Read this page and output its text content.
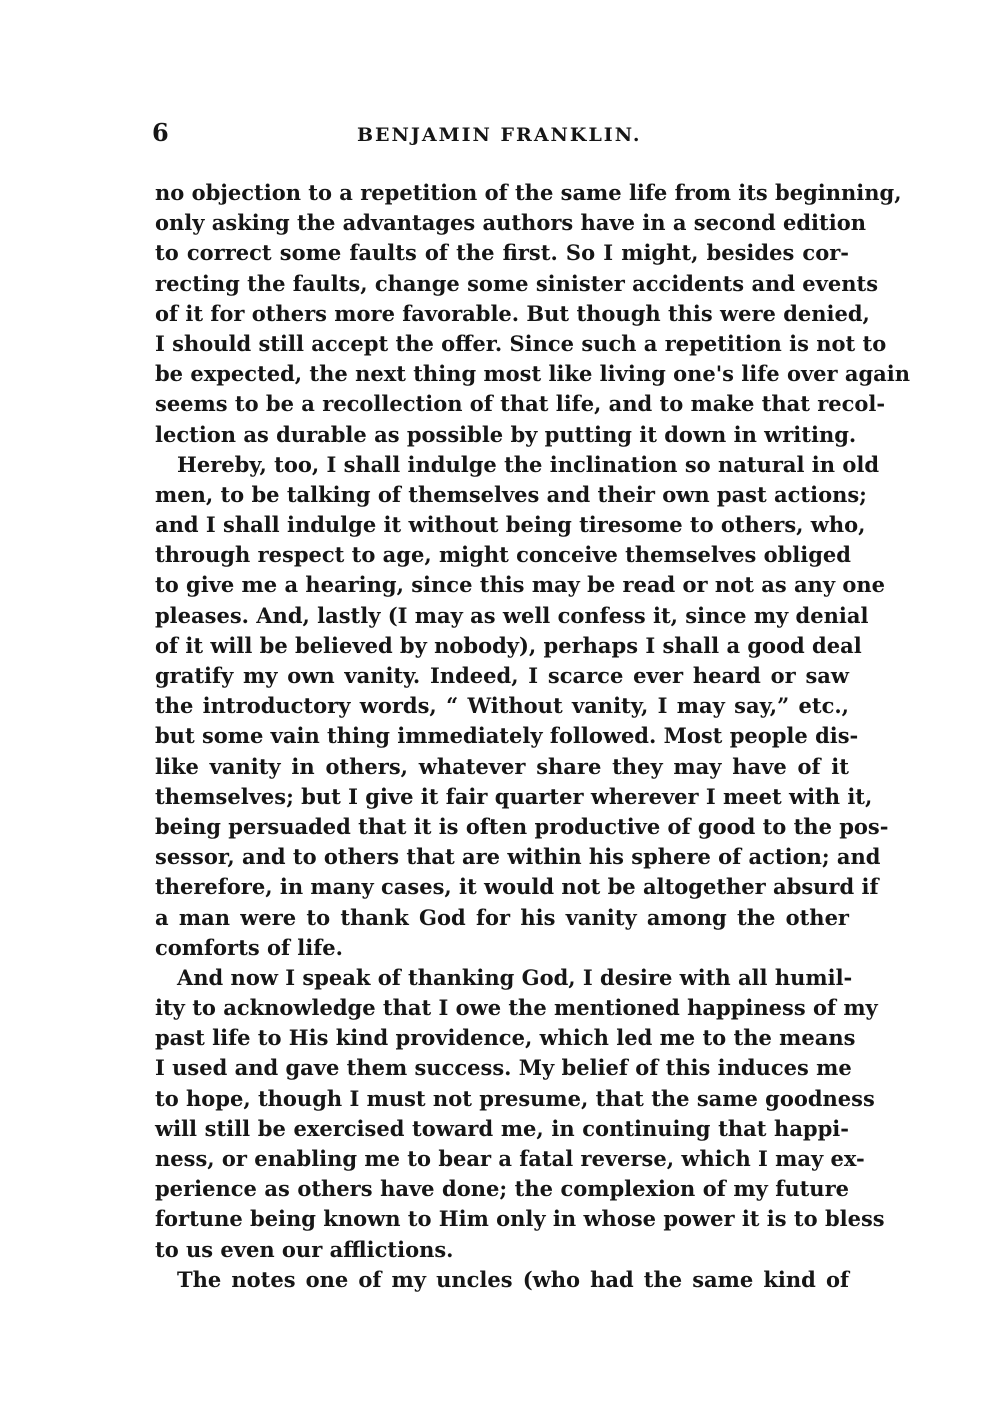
6	BENJAMIN FRANKLIN.
no objection to a repetition of the same life from its beginning,
only asking the advantages authors have in a second edition
to correct some faults of the first. So I might, besides cor-
recting the faults, change some sinister accidents and events
of it for others more favorable. But though this were denied,
I should still accept the offer. Since such a repetition is not to
be expected, the next thing most like living one's life over again
seems to be a recollection of that life, and to make that recol-
lection as durable as possible by putting it down in writing.
Hereby, too, I shall indulge the inclination so natural in old
men, to be talking of themselves and their own past actions;
and I shall indulge it without being tiresome to others, who,
through respect to age, might conceive themselves obliged
to give me a hearing, since this may be read or not as any one
pleases. And, lastly (I may as well confess it, since my denial
of it will be believed by nobody), perhaps I shall a good deal
gratify my own vanity. Indeed, I scarce ever heard or saw
the introductory words, “ Without vanity, I may say,” etc.,
but some vain thing immediately followed. Most people dis-
like vanity in others, whatever share they may have of it
themselves; but I give it fair quarter wherever I meet with it,
being persuaded that it is often productive of good to the pos-
sessor, and to others that are within his sphere of action; and
therefore, in many cases, it would not be altogether absurd if
a man were to thank God for his vanity among the other
comforts of life.
And now I speak of thanking God, I desire with all humil-
ity to acknowledge that I owe the mentioned happiness of my
past life to His kind providence, which led me to the means
I used and gave them success. My belief of this induces me
to hope, though I must not presume, that the same goodness
will still be exercised toward me, in continuing that happi-
ness, or enabling me to bear a fatal reverse, which I may ex-
perience as others have done; the complexion of my future
fortune being known to Him only in whose power it is to bless
to us even our afflictions.
The notes one of my uncles (who had the same kind of
